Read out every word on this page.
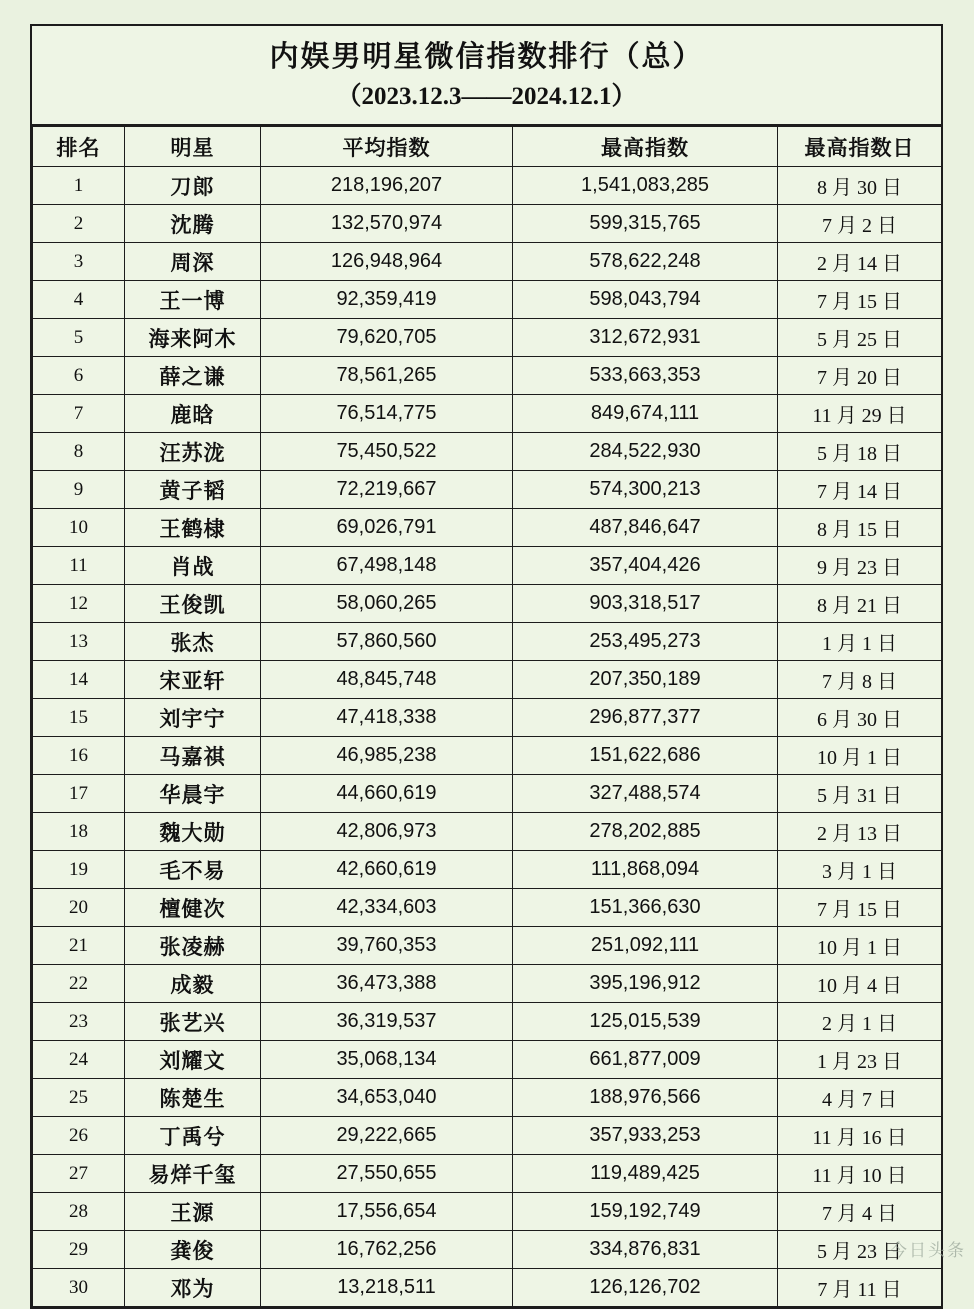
内娱男明星微信指数排行（总）
（2023.12.3——2024.12.1）
排名	明星	平均指数	最高指数	最高指数日
1	刀郎	218,196,207	1,541,083,285	8 月 30 日
2	沈腾	132,570,974	599,315,765	7 月 2 日
3	周深	126,948,964	578,622,248	2 月 14 日
4	王一博	92,359,419	598,043,794	7 月 15 日
5	海来阿木	79,620,705	312,672,931	5 月 25 日
6	薛之谦	78,561,265	533,663,353	7 月 20 日
7	鹿晗	76,514,775	849,674,111	11 月 29 日
8	汪苏泷	75,450,522	284,522,930	5 月 18 日
9	黄子韬	72,219,667	574,300,213	7 月 14 日
10	王鹤棣	69,026,791	487,846,647	8 月 15 日
11	肖战	67,498,148	357,404,426	9 月 23 日
12	王俊凯	58,060,265	903,318,517	8 月 21 日
13	张杰	57,860,560	253,495,273	1 月 1 日
14	宋亚轩	48,845,748	207,350,189	7 月 8 日
15	刘宇宁	47,418,338	296,877,377	6 月 30 日
16	马嘉祺	46,985,238	151,622,686	10 月 1 日
17	华晨宇	44,660,619	327,488,574	5 月 31 日
18	魏大勋	42,806,973	278,202,885	2 月 13 日
19	毛不易	42,660,619	111,868,094	3 月 1 日
20	檀健次	42,334,603	151,366,630	7 月 15 日
21	张凌赫	39,760,353	251,092,111	10 月 1 日
22	成毅	36,473,388	395,196,912	10 月 4 日
23	张艺兴	36,319,537	125,015,539	2 月 1 日
24	刘耀文	35,068,134	661,877,009	1 月 23 日
25	陈楚生	34,653,040	188,976,566	4 月 7 日
26	丁禹兮	29,222,665	357,933,253	11 月 16 日
27	易烊千玺	27,550,655	119,489,425	11 月 10 日
28	王源	17,556,654	159,192,749	7 月 4 日
29	龚俊	16,762,256	334,876,831	5 月 23 日
30	邓为	13,218,511	126,126,702	7 月 11 日
今日头条
